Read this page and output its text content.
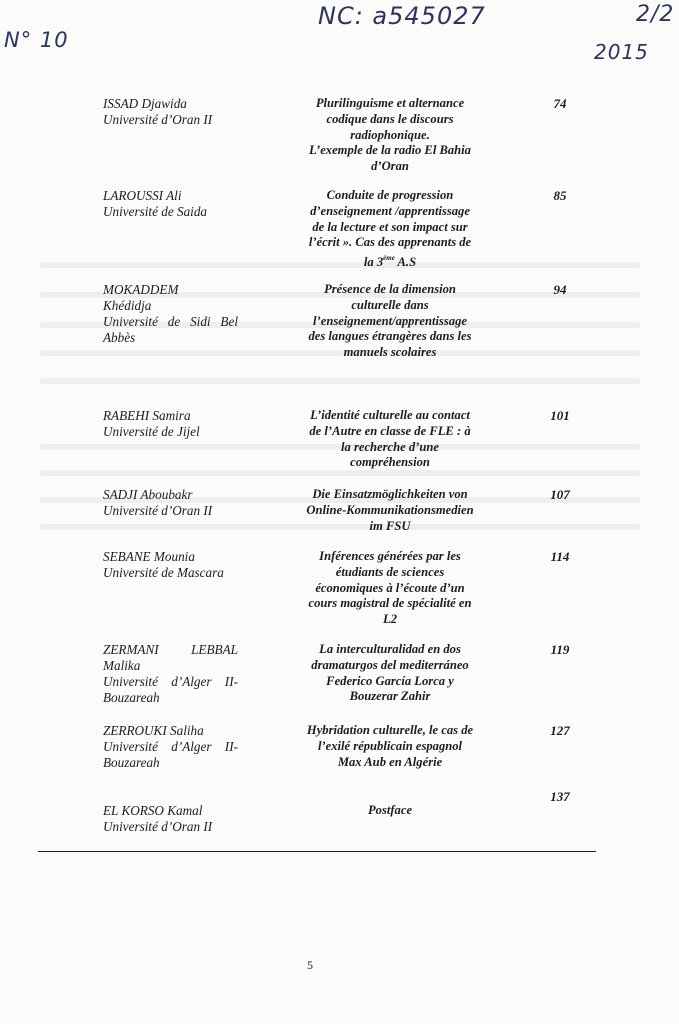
NC: a545027	2/2
N° 10	2015
ISSAD Djawida
Université d’Oran II
Plurilinguisme et alternance
codique dans le discours
radiophonique.
L’exemple de la radio El Bahia
d’Oran
74
LAROUSSI Ali
Université de Saida
Conduite de progression
d’enseignement /apprentissage
de la lecture et son impact sur
l’écrit ». Cas des apprenants de
la 3ème A.S
85
MOKADDEM
Khédidja
Université de Sidi Bel
Abbès
Présence de la dimension
culturelle dans
l’enseignement/apprentissage
des langues étrangères dans les
manuels scolaires
94
RABEHI Samira
Université de Jijel
L’identité culturelle au contact
de l’Autre en classe de FLE : à
la recherche d’une
compréhension
101
SADJI Aboubakr
Université d’Oran II
Die Einsatzmöglichkeiten von
Online-Kommunikationsmedien
im FSU
107
SEBANE Mounia
Université de Mascara
Inférences générées par les
étudiants de sciences
économiques à l’écoute d’un
cours magistral de spécialité en
L2
114
ZERMANI LEBBAL
Malika
Université d’Alger II-
Bouzareah
La interculturalidad en dos
dramaturgos del mediterráneo
Federico García Lorca y
Bouzerar Zahir
119
ZERROUKI Saliha
Université d’Alger II-
Bouzareah
Hybridation culturelle, le cas de
l’exilé républicain espagnol
Max Aub en Algérie
127
EL KORSO Kamal
Université d’Oran II
Postface
137
5
